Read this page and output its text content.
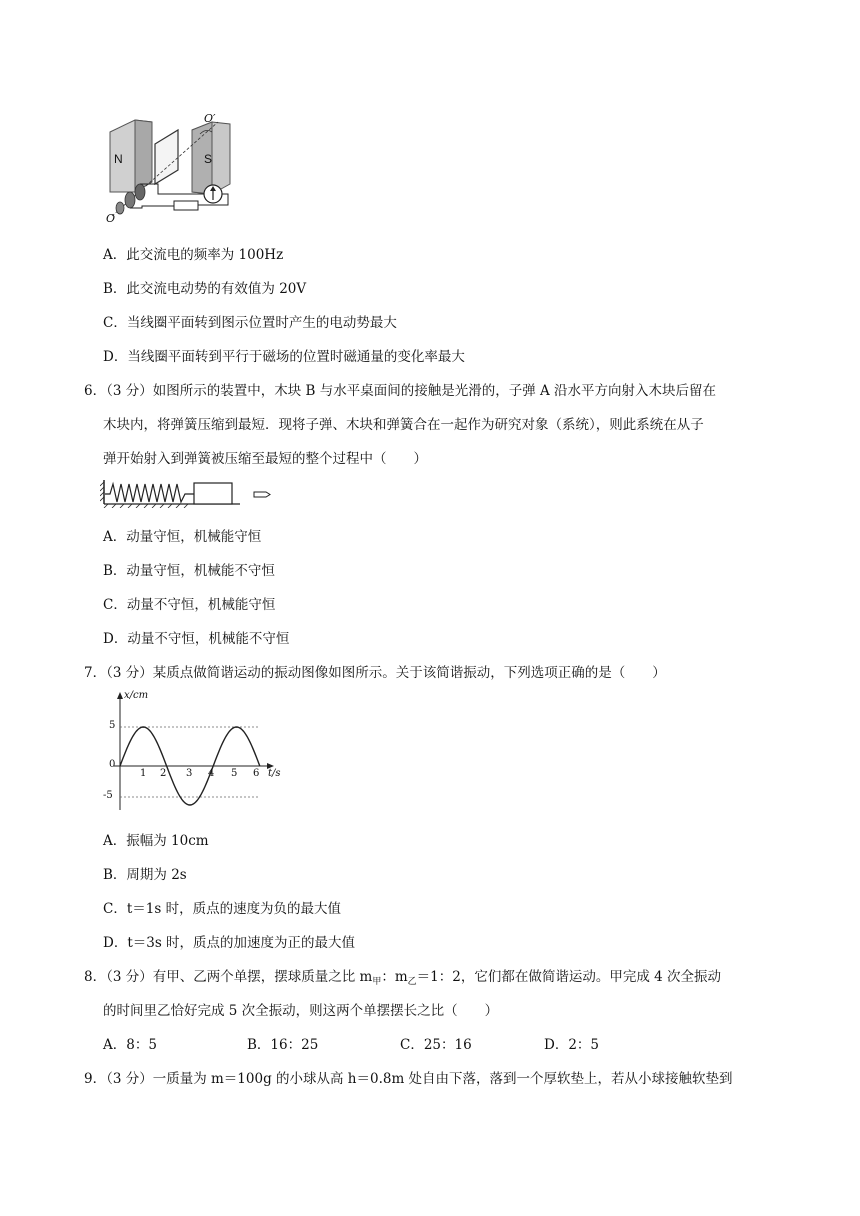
N	S
O′
O
A．此交流电的频率为 100Hz
B．此交流电动势的有效值为 20V
C．当线圈平面转到图示位置时产生的电动势最大
D．当线圈平面转到平行于磁场的位置时磁通量的变化率最大
6．（3 分）如图所示的装置中，木块 B 与水平桌面间的接触是光滑的，子弹 A 沿水平方向射入木块后留在
木块内，将弹簧压缩到最短．现将子弹、木块和弹簧合在一起作为研究对象（系统），则此系统在从子
弹开始射入到弹簧被压缩至最短的整个过程中（　　）
A．动量守恒，机械能守恒
B．动量守恒，机械能不守恒
C．动量不守恒，机械能守恒
D．动量不守恒，机械能不守恒
7．（3 分）某质点做简谐运动的振动图像如图所示。关于该简谐振动，下列选项正确的是（　　）
x/cm
5
0
-5
1 2 3 4 5 6 t/s
A．振幅为 10cm
B．周期为 2s
C．t＝1s 时，质点的速度为负的最大值
D．t＝3s 时，质点的加速度为正的最大值
8．（3 分）有甲、乙两个单摆，摆球质量之比 $m_甲$：$m_乙=1$：2，它们都在做简谐运动。甲完成 4 次全振动
的时间里乙恰好完成 5 次全振动，则这两个单摆摆长之比（　　）
A．8：5	B．16：25	C．25：16	D．2：5
9．（3 分）一质量为 m＝100g 的小球从高 h＝0.8m 处自由下落，落到一个厚软垫上，若从小球接触软垫到
